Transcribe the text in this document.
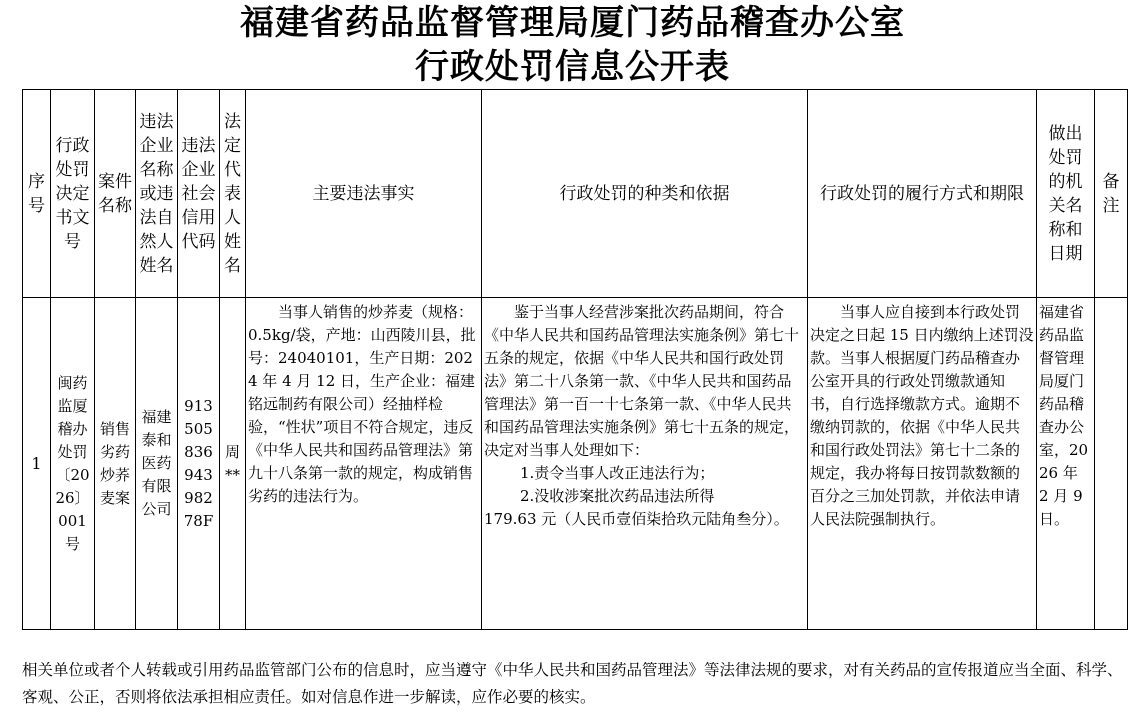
福建省药品监督管理局厦门药品稽查办公室
行政处罚信息公开表
序号	行政处罚决定书文号	案件名称	违法企业名称或违法自然人姓名	违法企业社会信用代码	法定代表人姓名	主要违法事实	行政处罚的种类和依据	行政处罚的履行方式和期限	做出处罚的机关名称和日期	备注
1	闽药监厦稽办处罚〔2026〕001号	销售劣药炒荞麦案	福建泰和医药有限公司	91350583694398278F	周**	当事人销售的炒荞麦（规格：0.5kg/袋，产地：山西陵川县，批号：24040101，生产日期：2024 年 4 月 12 日，生产企业：福建铭远制药有限公司）经抽样检验，“性状”项目不符合规定，违反《中华人民共和国药品管理法》第九十八条第一款的规定，构成销售劣药的违法行为。	鉴于当事人经营涉案批次药品期间，符合《中华人民共和国药品管理法实施条例》第七十五条的规定，依据《中华人民共和国行政处罚法》第二十八条第一款、《中华人民共和国药品管理法》第一百一十七条第一款、《中华人民共和国药品管理法实施条例》第七十五条的规定，决定对当事人处理如下：

1.责令当事人改正违法行为；

2.没收涉案批次药品违法所得

179.63 元（人民币壹佰柒拾玖元陆角叁分）。	当事人应自接到本行政处罚决定之日起 15 日内缴纳上述罚没款。当事人根据厦门药品稽查办公室开具的行政处罚缴款通知书，自行选择缴款方式。逾期不缴纳罚款的，依据《中华人民共和国行政处罚法》第七十二条的规定，我办将每日按罚款数额的百分之三加处罚款，并依法申请人民法院强制执行。	福建省药品监督管理局厦门药品稽查办公室，2026 年 2 月 9 日。	
相关单位或者个人转载或引用药品监管部门公布的信息时，应当遵守《中华人民共和国药品管理法》等法律法规的要求，对有关药品的宣传报道应当全面、科学、客观、公正，否则将依法承担相应责任。如对信息作进一步解读，应作必要的核实。
